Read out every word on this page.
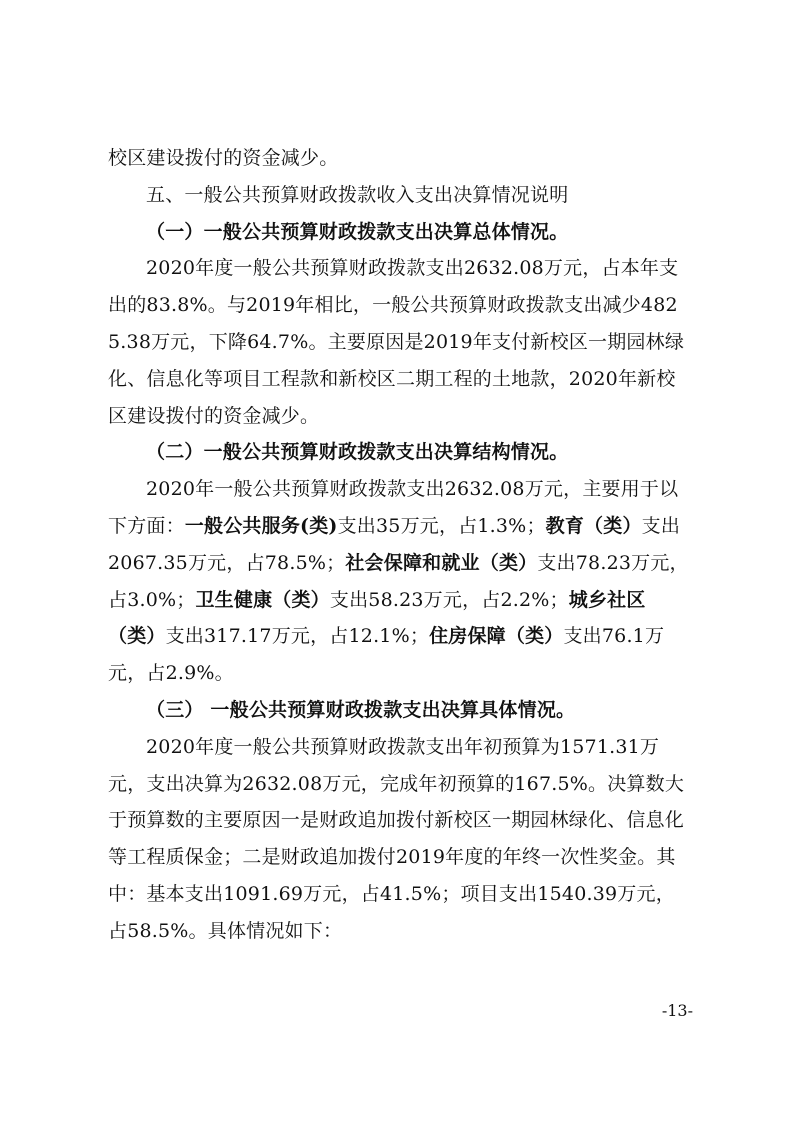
校区建设拨付的资金减少。

五、一般公共预算财政拨款收入支出决算情况说明

（一）一般公共预算财政拨款支出决算总体情况。

2020年度一般公共预算财政拨款支出2632.08万元，占本年支出的83.8%。与2019年相比，一般公共预算财政拨款支出减少4825.38万元，下降64.7%。主要原因是2019年支付新校区一期园林绿化、信息化等项目工程款和新校区二期工程的土地款，2020年新校区建设拨付的资金减少。

（二）一般公共预算财政拨款支出决算结构情况。

2020年一般公共预算财政拨款支出2632.08万元，主要用于以下方面：一般公共服务(类)支出35万元，占1.3%；教育（类）支出2067.35万元，占78.5%；社会保障和就业（类）支出78.23万元，占3.0%；卫生健康（类）支出58.23万元，占2.2%；城乡社区（类）支出317.17万元，占12.1%；住房保障（类）支出76.1万元，占2.9%。

（三） 一般公共预算财政拨款支出决算具体情况。

2020年度一般公共预算财政拨款支出年初预算为1571.31万元，支出决算为2632.08万元，完成年初预算的167.5%。决算数大于预算数的主要原因一是财政追加拨付新校区一期园林绿化、信息化等工程质保金；二是财政追加拨付2019年度的年终一次性奖金。其中：基本支出1091.69万元，占41.5%；项目支出1540.39万元，占58.5%。具体情况如下：

-13-
